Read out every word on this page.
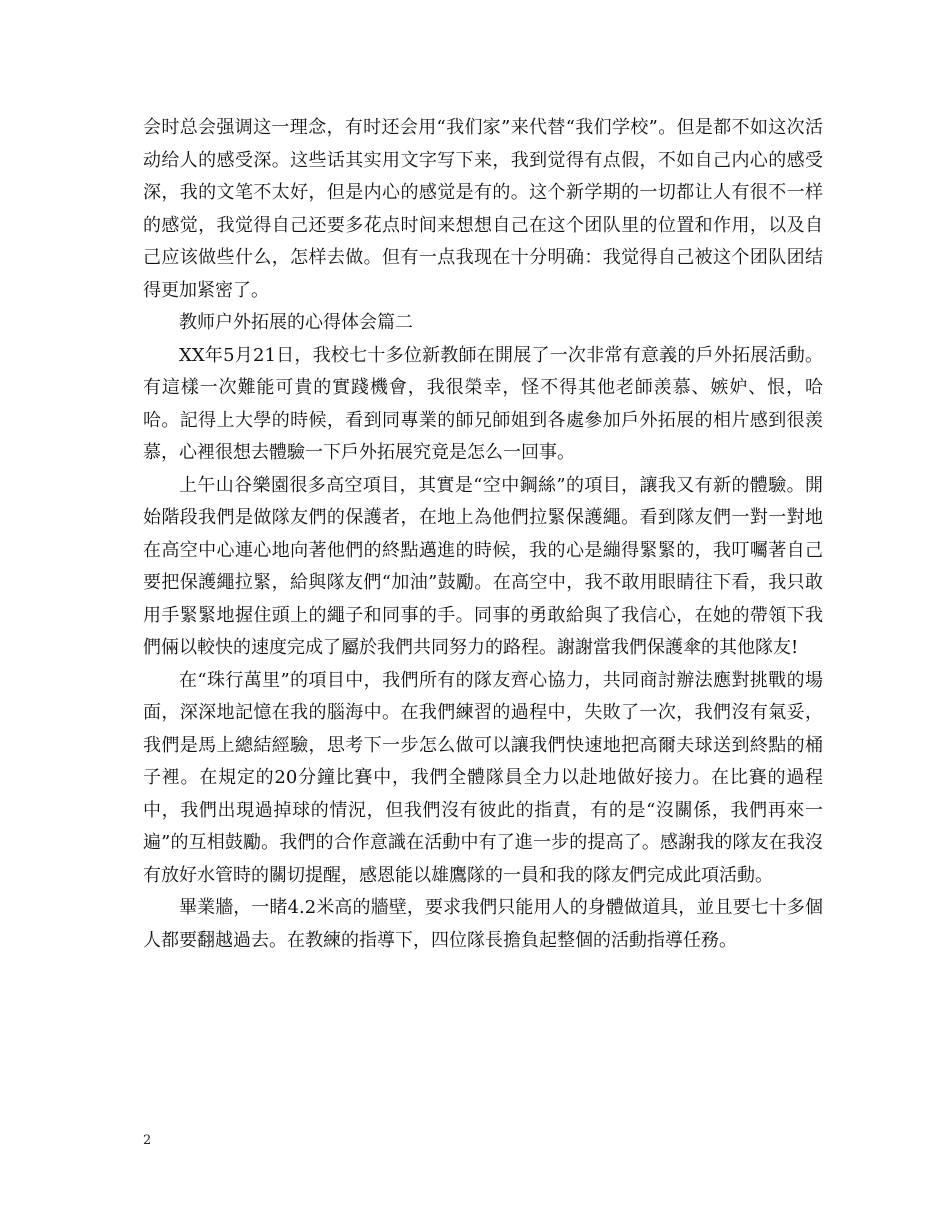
会时总会强调这一理念，有时还会用“我们家”来代替“我们学校”。但是都不如这次活动给人的感受深。这些话其实用文字写下来，我到觉得有点假，不如自己内心的感受深，我的文笔不太好，但是内心的感觉是有的。这个新学期的一切都让人有很不一样的感觉，我觉得自己还要多花点时间来想想自己在这个团队里的位置和作用，以及自己应该做些什么，怎样去做。但有一点我现在十分明确：我觉得自己被这个团队团结得更加紧密了。

教师户外拓展的心得体会篇二

XX年5月21日，我校七十多位新教師在開展了一次非常有意義的戶外拓展活動。有這樣一次難能可貴的實踐機會，我很榮幸，怪不得其他老師羡慕、嫉妒、恨，哈哈。記得上大學的時候，看到同專業的師兄師姐到各處參加戶外拓展的相片感到很羡慕，心裡很想去體驗一下戶外拓展究竟是怎么一回事。

上午山谷樂園很多高空項目，其實是“空中鋼絲”的項目，讓我又有新的體驗。開始階段我們是做隊友們的保護者，在地上為他們拉緊保護繩。看到隊友們一對一對地在高空中心連心地向著他們的終點邁進的時候，我的心是繃得緊緊的，我叮囑著自己要把保護繩拉緊，給與隊友們“加油”鼓勵。在高空中，我不敢用眼睛往下看，我只敢用手緊緊地握住頭上的繩子和同事的手。同事的勇敢給與了我信心，在她的帶領下我們倆以較快的速度完成了屬於我們共同努力的路程。謝謝當我們保護傘的其他隊友!

在“珠行萬里”的項目中，我們所有的隊友齊心協力，共同商討辦法應對挑戰的場面，深深地記憶在我的腦海中。在我們練習的過程中，失敗了一次，我們沒有氣妥，我們是馬上總結經驗，思考下一步怎么做可以讓我們快速地把高爾夫球送到終點的桶子裡。在規定的20分鐘比賽中，我們全體隊員全力以赴地做好接力。在比賽的過程中，我們出現過掉球的情況，但我們沒有彼此的指責，有的是“沒關係，我們再來一遍”的互相鼓勵。我們的合作意識在活動中有了進一步的提高了。感謝我的隊友在我沒有放好水管時的關切提醒，感恩能以雄鷹隊的一員和我的隊友們完成此項活動。

畢業牆，一睹4.2米高的牆壁，要求我們只能用人的身體做道具，並且要七十多個人都要翻越過去。在教練的指導下，四位隊長擔負起整個的活動指導任務。

2
